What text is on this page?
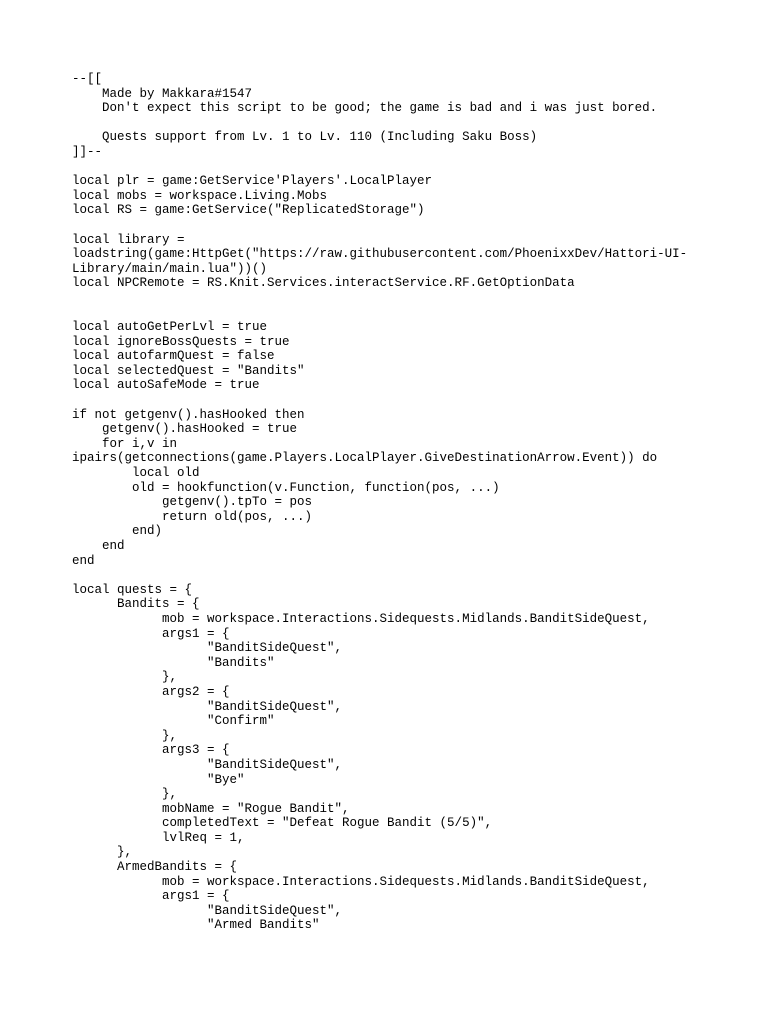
--[[
Made by Makkara#1547
Don't expect this script to be good; the game is bad and i was just bored.
Quests support from Lv. 1 to Lv. 110 (Including Saku Boss)
]]--
local plr = game:GetService'Players'.LocalPlayer
local mobs = workspace.Living.Mobs
local RS = game:GetService("ReplicatedStorage")
local library =
loadstring(game:HttpGet("https://raw.githubusercontent.com/PhoenixxDev/Hattori-UI-
Library/main/main.lua"))()
local NPCRemote = RS.Knit.Services.interactService.RF.GetOptionData
local autoGetPerLvl = true
local ignoreBossQuests = true
local autofarmQuest = false
local selectedQuest = "Bandits"
local autoSafeMode = true
if not getgenv().hasHooked then
getgenv().hasHooked = true
for i,v in
ipairs(getconnections(game.Players.LocalPlayer.GiveDestinationArrow.Event)) do
local old
old = hookfunction(v.Function, function(pos, ...)
getgenv().tpTo = pos
return old(pos, ...)
end)
end
end
local quests = {
Bandits = {
mob = workspace.Interactions.Sidequests.Midlands.BanditSideQuest,
args1 = {
"BanditSideQuest",
"Bandits"
},
args2 = {
"BanditSideQuest",
"Confirm"
},
args3 = {
"BanditSideQuest",
"Bye"
},
mobName = "Rogue Bandit",
completedText = "Defeat Rogue Bandit (5/5)",
lvlReq = 1,
},
ArmedBandits = {
mob = workspace.Interactions.Sidequests.Midlands.BanditSideQuest,
args1 = {
"BanditSideQuest",
"Armed Bandits"
